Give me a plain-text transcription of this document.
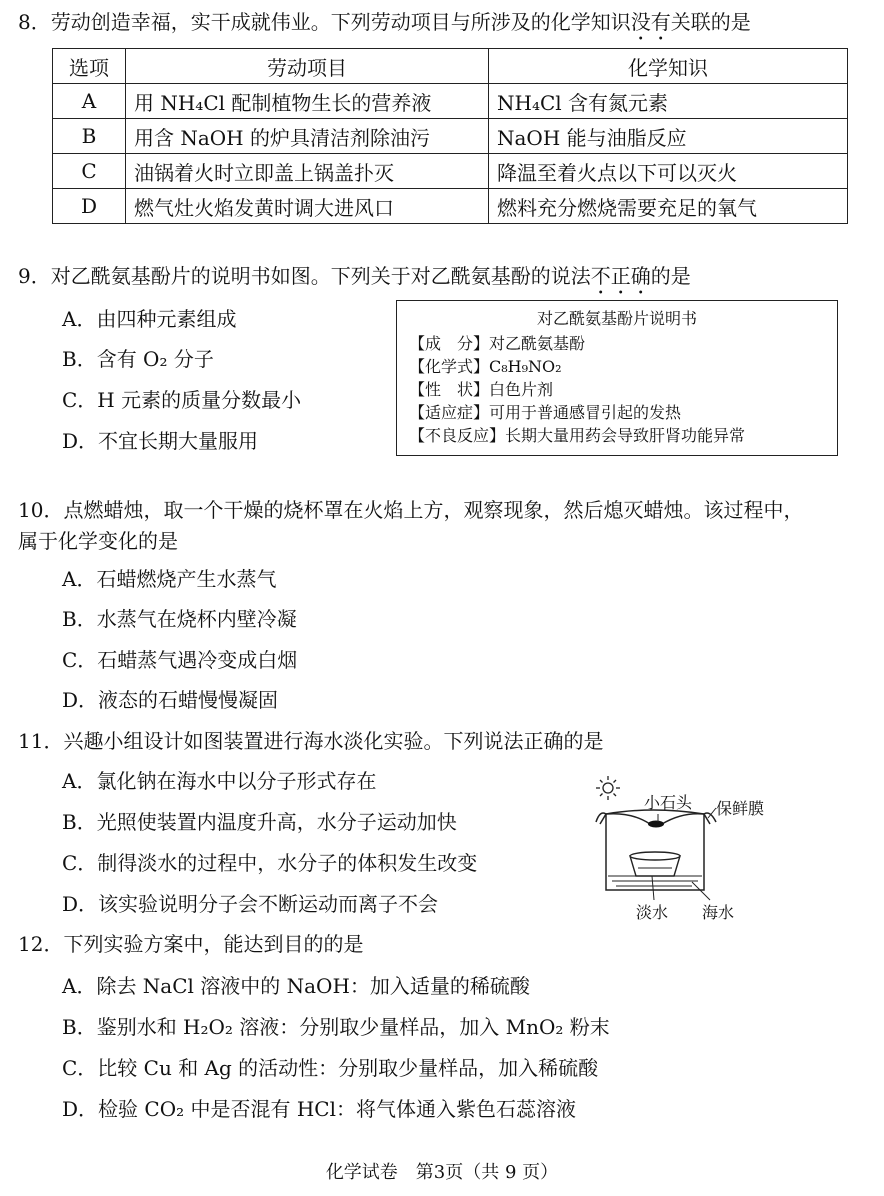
8．劳动创造幸福，实干成就伟业。下列劳动项目与所涉及的化学知识没有关联的是
选项	劳动项目	化学知识
A	用 NH₄Cl 配制植物生长的营养液	NH₄Cl 含有氮元素
B	用含 NaOH 的炉具清洁剂除油污	NaOH 能与油脂反应
C	油锅着火时立即盖上锅盖扑灭	降温至着火点以下可以灭火
D	燃气灶火焰发黄时调大进风口	燃料充分燃烧需要充足的氧气
9．对乙酰氨基酚片的说明书如图。下列关于对乙酰氨基酚的说法不正确的是
A．由四种元素组成
B．含有 O₂ 分子
C．H 元素的质量分数最小
D．不宜长期大量服用
对乙酰氨基酚片说明书
【成　分】对乙酰氨基酚
【化学式】C₈H₉NO₂
【性　状】白色片剂
【适应症】可用于普通感冒引起的发热
【不良反应】长期大量用药会导致肝肾功能异常
10．点燃蜡烛，取一个干燥的烧杯罩在火焰上方，观察现象，然后熄灭蜡烛。该过程中，
属于化学变化的是
A．石蜡燃烧产生水蒸气
B．水蒸气在烧杯内壁冷凝
C．石蜡蒸气遇冷变成白烟
D．液态的石蜡慢慢凝固
11．兴趣小组设计如图装置进行海水淡化实验。下列说法正确的是
A．氯化钠在海水中以分子形式存在
B．光照使装置内温度升高，水分子运动加快
C．制得淡水的过程中，水分子的体积发生改变
D．该实验说明分子会不断运动而离子不会
小石头 保鲜膜
淡水 海水
12．下列实验方案中，能达到目的的是
A．除去 NaCl 溶液中的 NaOH：加入适量的稀硫酸
B．鉴别水和 H₂O₂ 溶液：分别取少量样品，加入 MnO₂ 粉末
C．比较 Cu 和 Ag 的活动性：分别取少量样品，加入稀硫酸
D．检验 CO₂ 中是否混有 HCl：将气体通入紫色石蕊溶液
化学试卷　第3页（共 9 页）
